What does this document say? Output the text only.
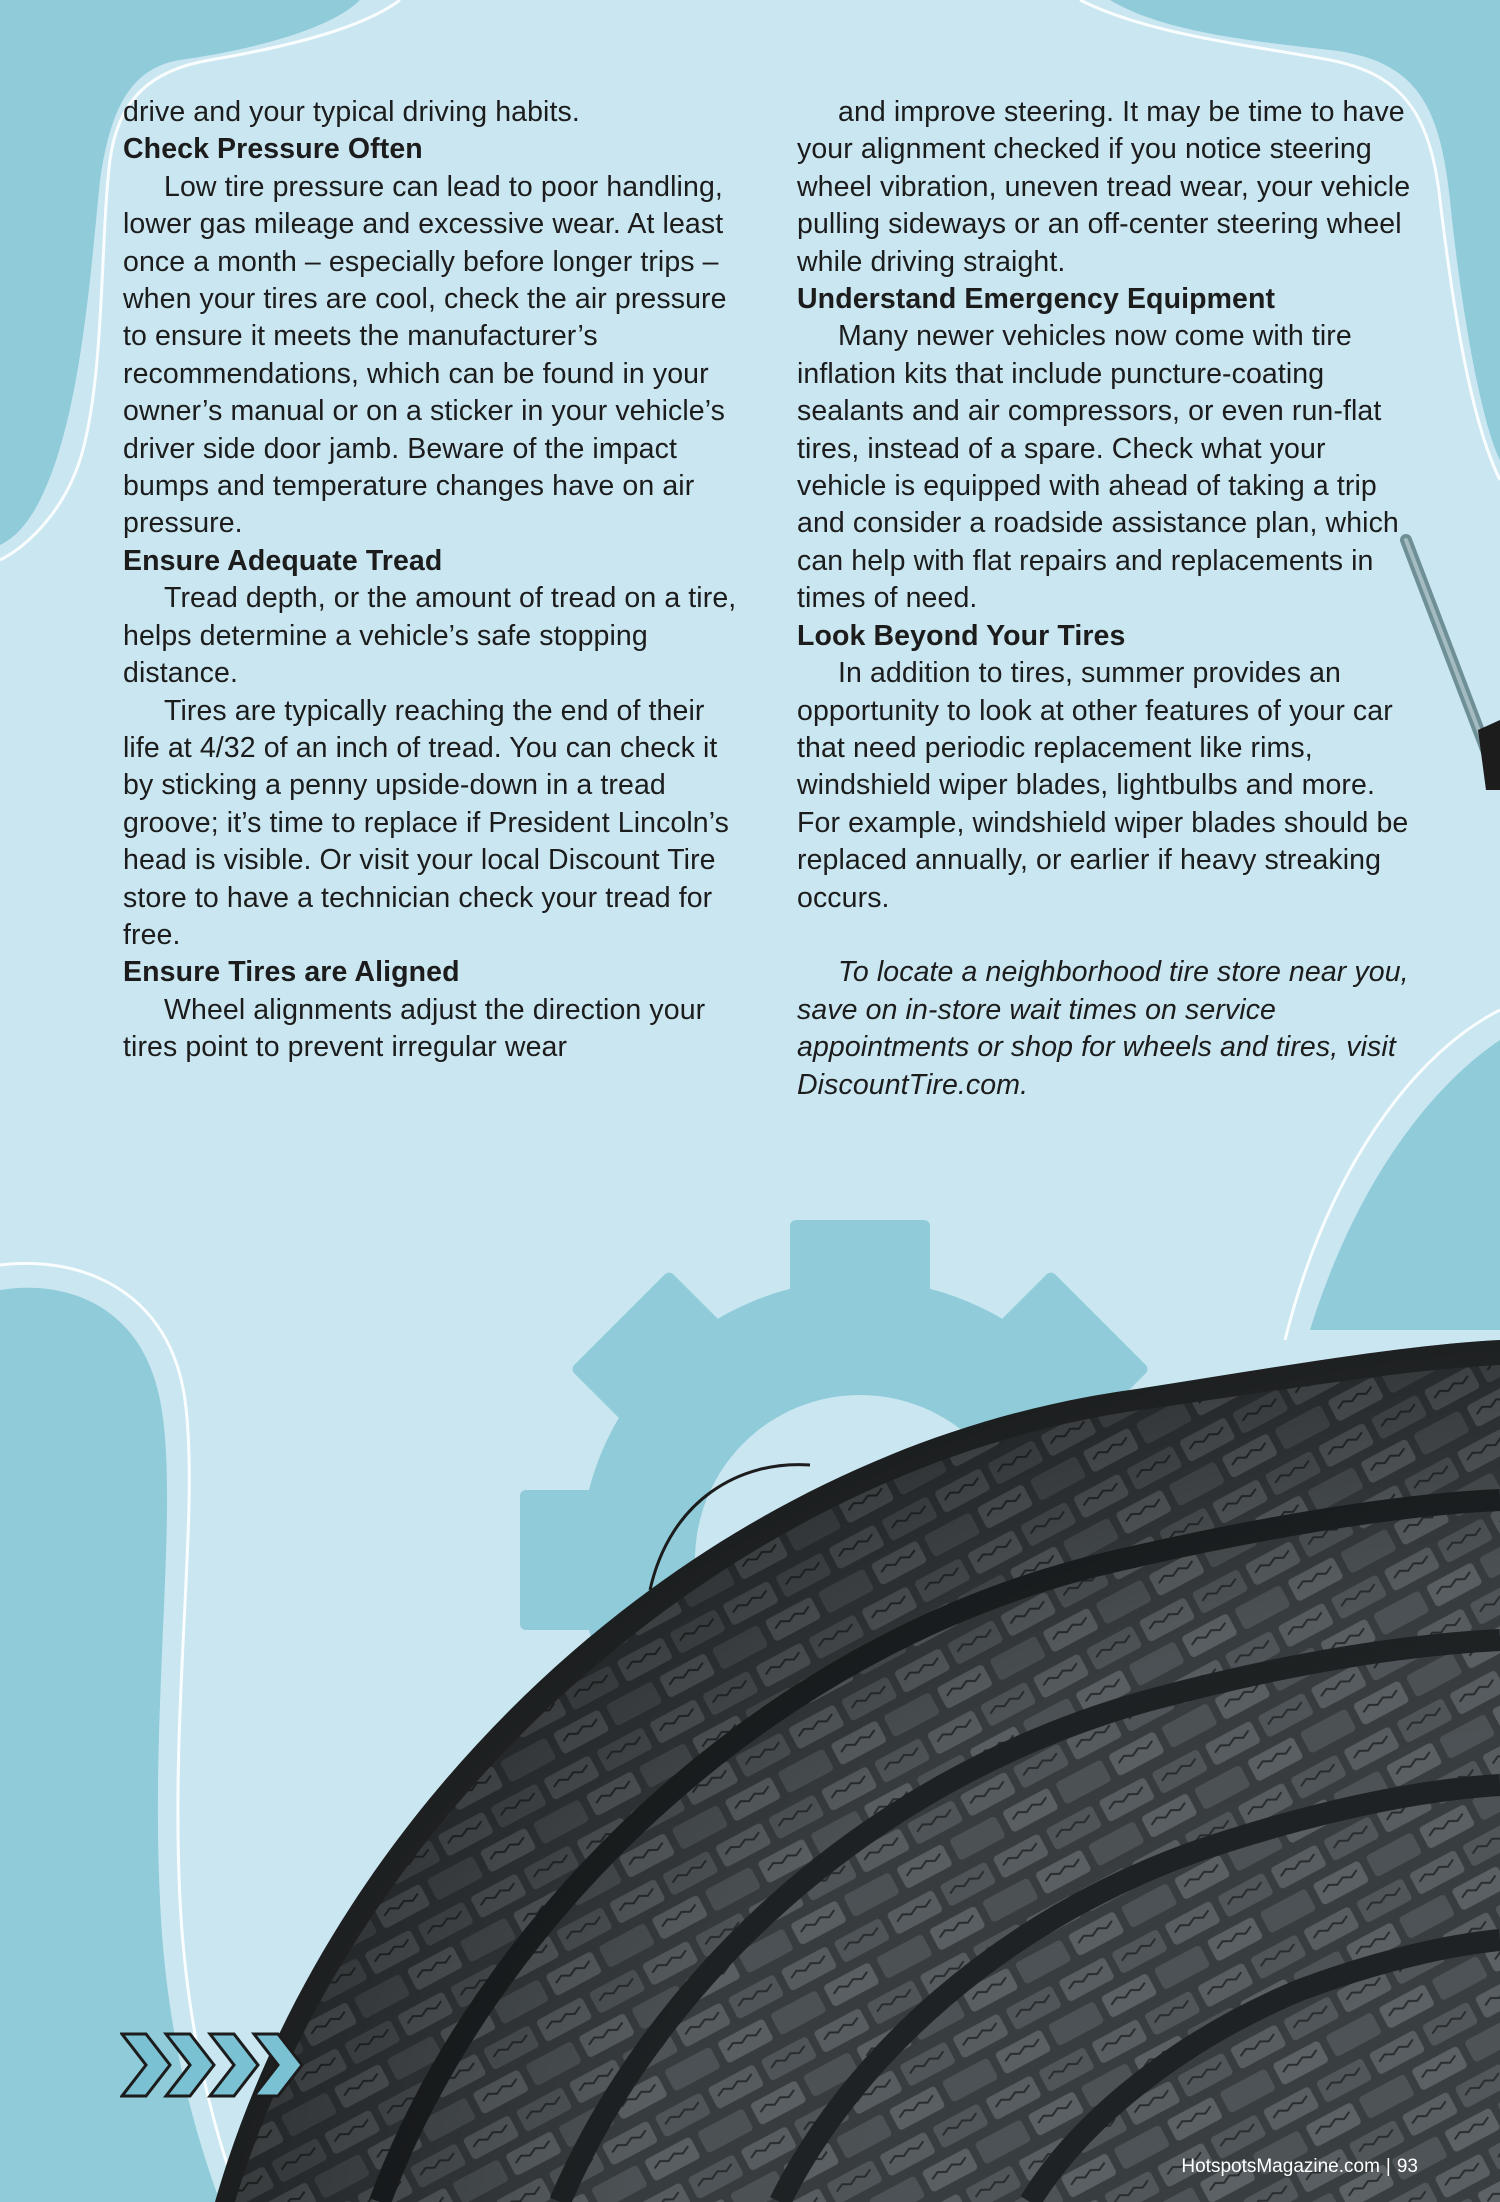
drive and your typical driving habits.

Check Pressure Often

Low tire pressure can lead to poor handling, lower gas mileage and excessive wear. At least once a month – especially before longer trips – when your tires are cool, check the air pressure to ensure it meets the manufacturer’s recommendations, which can be found in your owner’s manual or on a sticker in your vehicle’s driver side door jamb. Beware of the impact bumps and temperature changes have on air pressure.

Ensure Adequate Tread

Tread depth, or the amount of tread on a tire, helps determine a vehicle’s safe stopping distance.

Tires are typically reaching the end of their life at 4/32 of an inch of tread. You can check it by sticking a penny upside-down in a tread groove; it’s time to replace if President Lincoln’s head is visible. Or visit your local Discount Tire store to have a technician check your tread for free.

Ensure Tires are Aligned

Wheel alignments adjust the direction your tires point to prevent irregular wear

and improve steering. It may be time to have your alignment checked if you notice steering wheel vibration, uneven tread wear, your vehicle pulling sideways or an off-center steering wheel while driving straight.

Understand Emergency Equipment

Many newer vehicles now come with tire inflation kits that include puncture-coating sealants and air compressors, or even run-flat tires, instead of a spare. Check what your vehicle is equipped with ahead of taking a trip and consider a roadside assistance plan, which can help with flat repairs and replacements in times of need.

Look Beyond Your Tires

In addition to tires, summer provides an opportunity to look at other features of your car that need periodic replacement like rims, windshield wiper blades, lightbulbs and more. For example, windshield wiper blades should be replaced annually, or earlier if heavy streaking occurs.

To locate a neighborhood tire store near you, save on in-store wait times on service appointments or shop for wheels and tires, visit DiscountTire.com.

HotspotsMagazine.com | 93
